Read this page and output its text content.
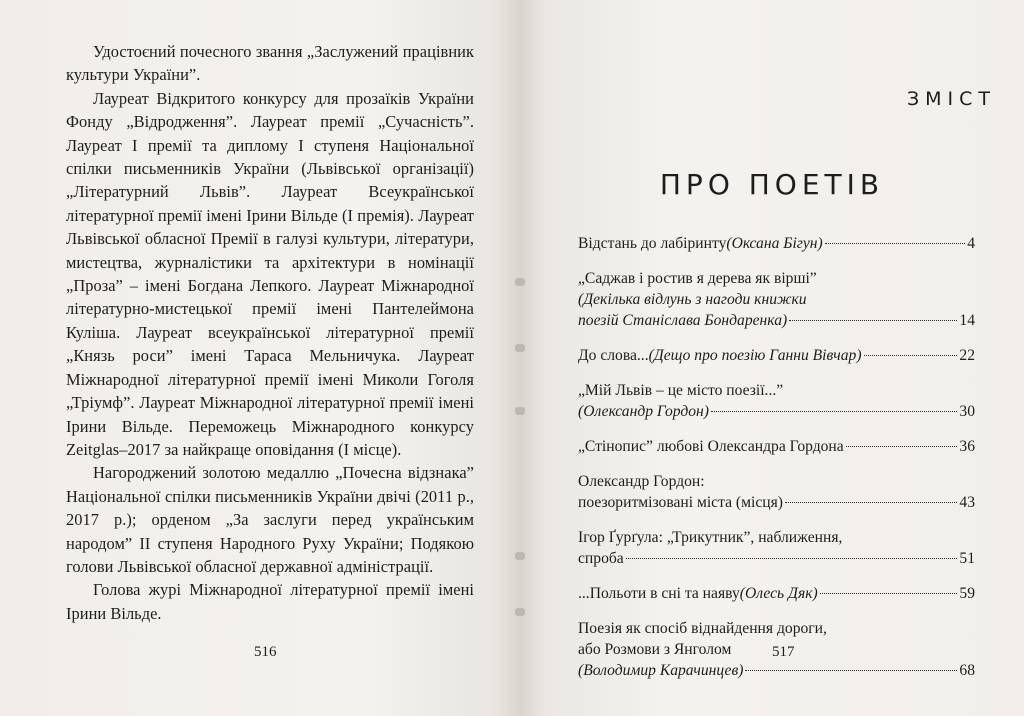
Удостоєний почесного звання „Заслужений працівник культури України”.

Лауреат Відкритого конкурсу для прозаїків України Фонду „Відродження”. Лауреат премії „Сучасність”. Лауреат І премії та диплому І ступеня Національної спілки письменників України (Львівської організації) „Літературний Львів”. Лауреат Всеукраїнської літературної премії імені Ірини Вільде (І премія). Лауреат Львівської обласної Премії в галузі культури, літератури, мистецтва, журналістики та архітектури в номінації „Проза” – імені Богдана Лепкого. Лауреат Міжнародної літературно-мистецької премії імені Пантелеймона Куліша. Лауреат всеукраїнської літературної премії „Князь роси” імені Тараса Мельничука. Лауреат Міжнародної літературної премії імені Миколи Гоголя „Тріумф”. Лауреат Міжнародної літературної премії імені Ірини Вільде. Переможець Міжнародного конкурсу Zeitglas–2017 за найкраще оповідання (І місце).

Нагороджений золотою медаллю „Почесна відзнака” Національної спілки письменників України двічі (2011 р., 2017 р.); орденом „За заслуги перед українським народом” ІІ ступеня Народного Руху України; Подякою голови Львівської обласної державної адміністрації.

Голова журі Міжнародної літературної премії імені Ірини Вільде.

516
ЗМІСТ
ПРО ПОЕТІВ
Відстань до лабіринту (Оксана Бігун)	4
„Саджав і ростив я дерева як вірші”
(Декілька відлунь з нагоди книжки
поезій Станіслава Бондаренка)	14
До слова... (Дещо про поезію Ганни Вівчар)	22
„Мій Львів – це місто поезії...”
(Олександр Гордон)	30
„Стінопис” любові Олександра Гордона	36
Олександр Гордон:
поезоритмізовані міста (місця)	43
Ігор Ґурґула: „Трикутник”, наближення,
спроба	51
...Польоти в сні та наяву (Олесь Дяк)	59
Поезія як спосіб віднайдення дороги,
або Розмови з Янголом
(Володимир Карачинцев)	68
517
